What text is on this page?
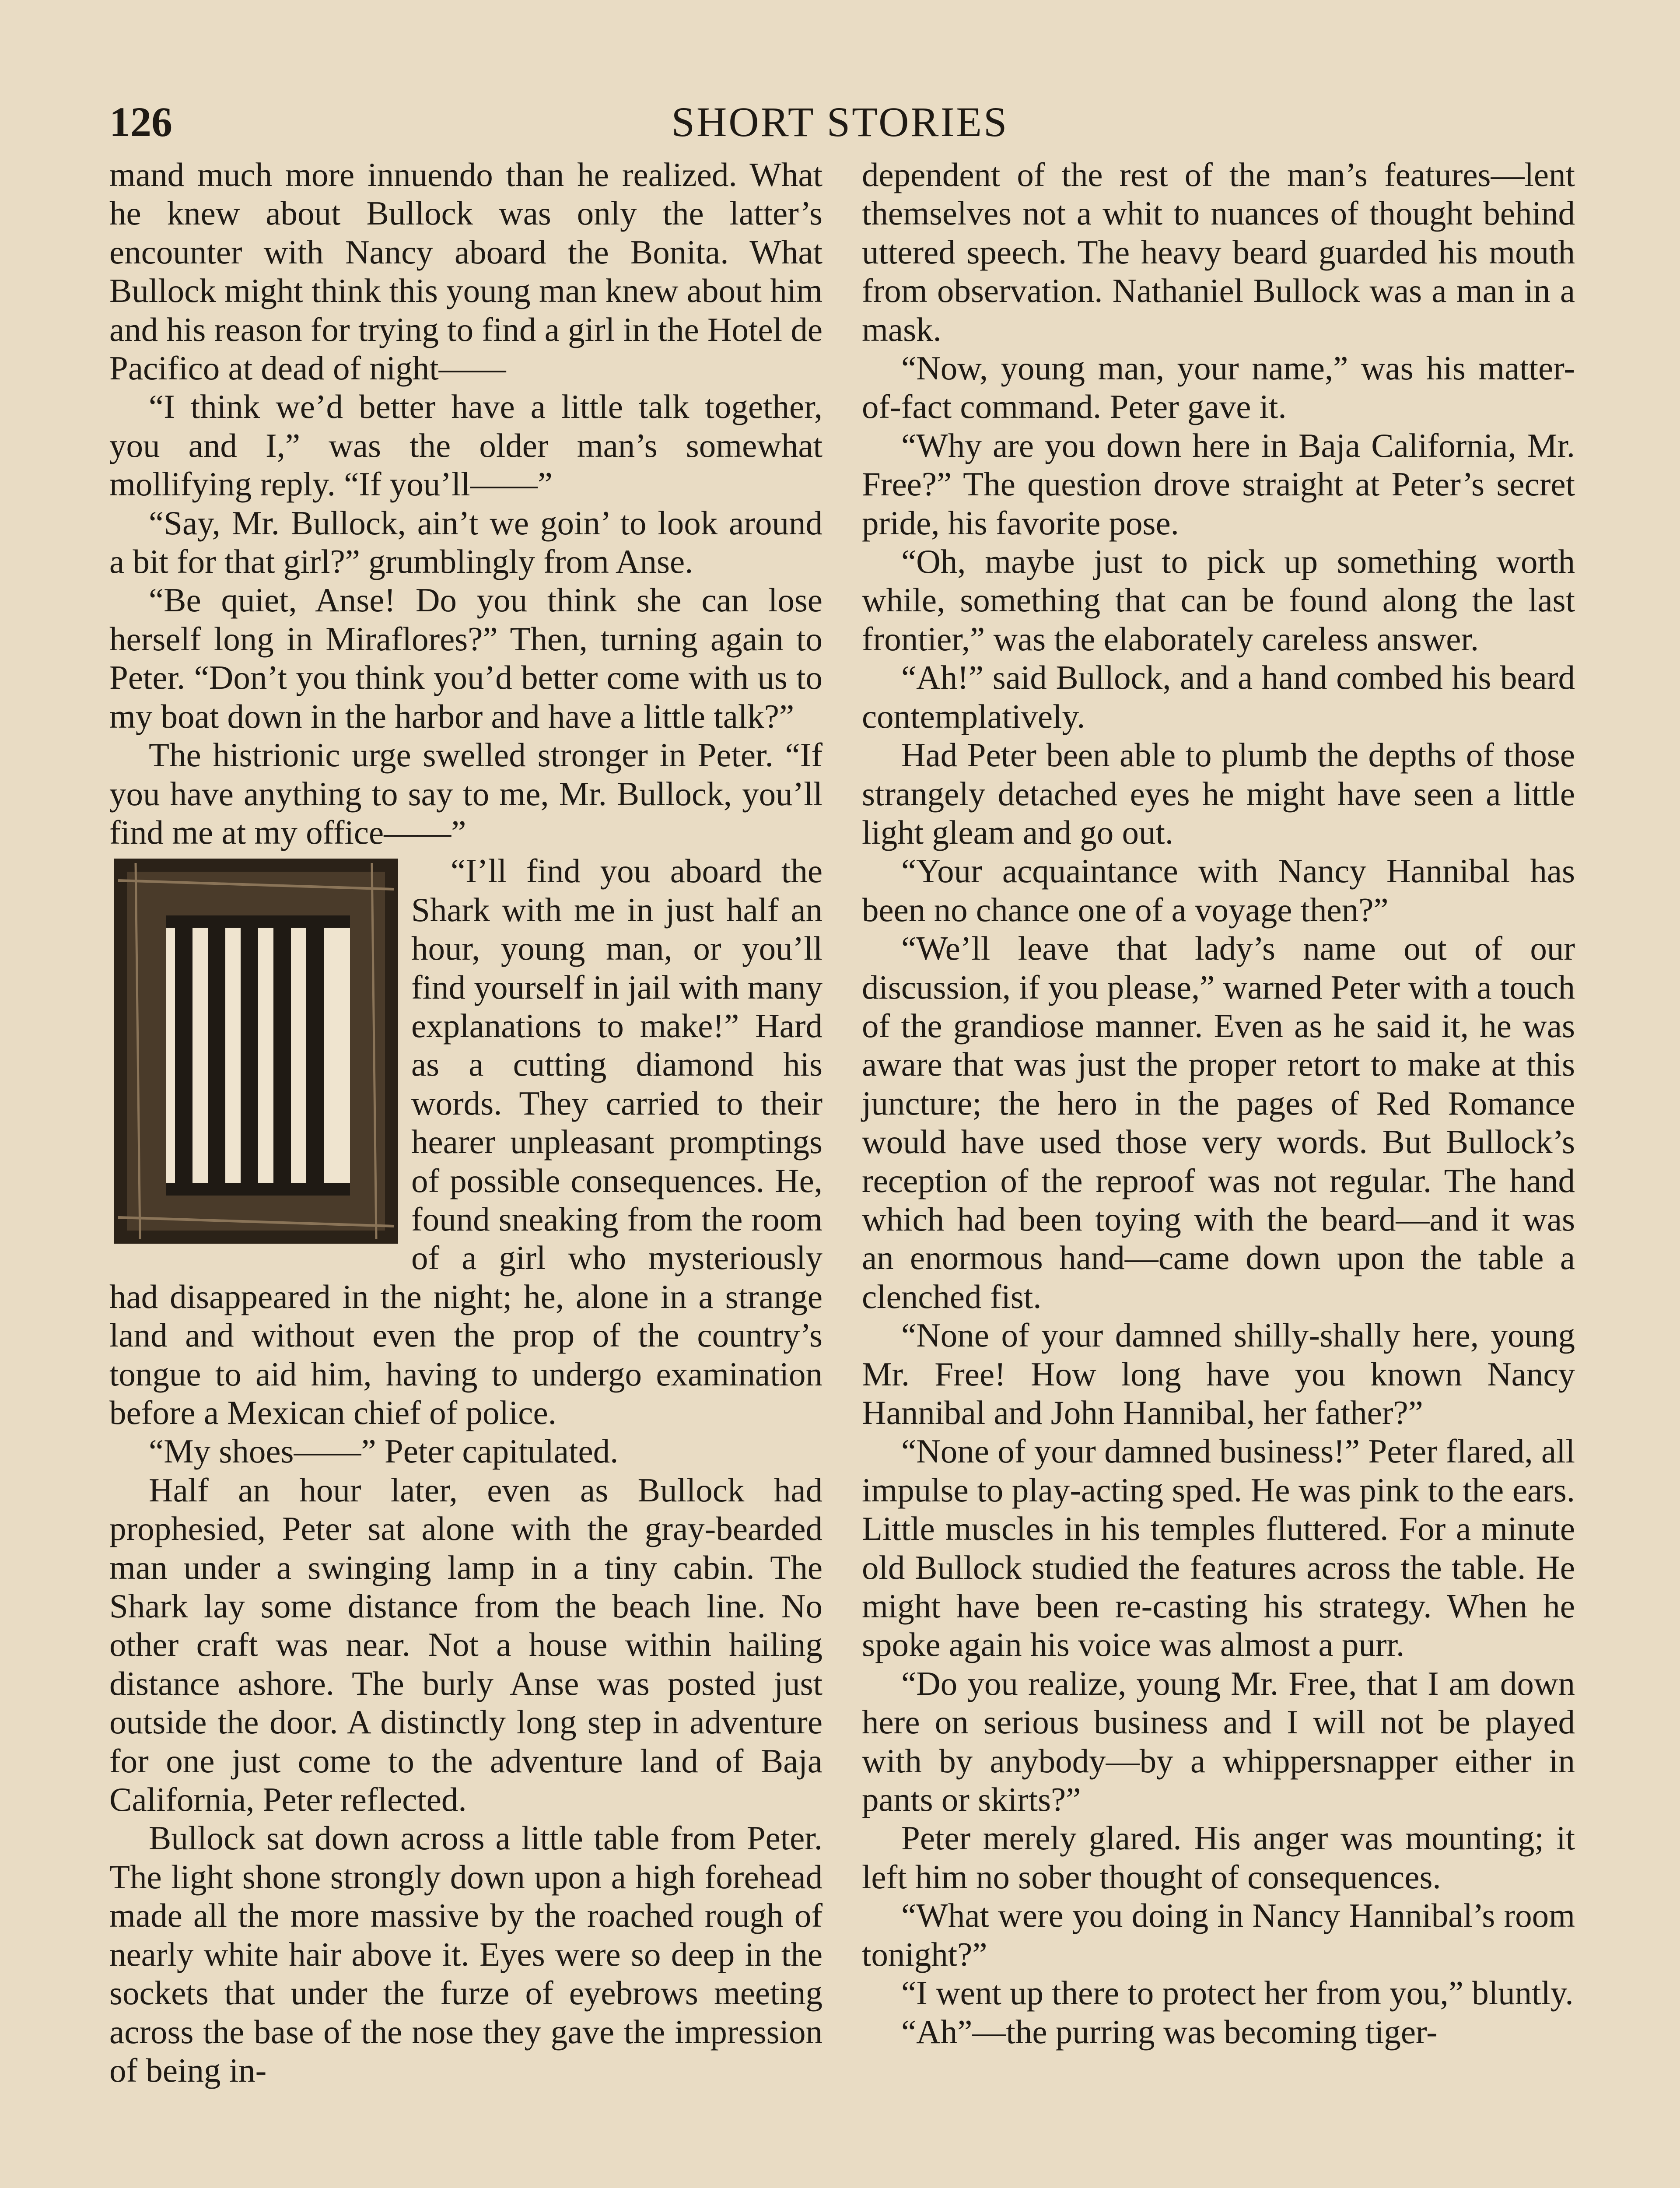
126	SHORT STORIES

mand much more innuendo than he realized. What he knew about Bullock was only the latter’s encounter with Nancy aboard the Bonita. What Bullock might think this young man knew about him and his reason for trying to find a girl in the Hotel de Pacifico at dead of night——

“I think we’d better have a little talk together, you and I,” was the older man’s somewhat mollifying reply. “If you’ll——”

“Say, Mr. Bullock, ain’t we goin’ to look around a bit for that girl?” grumblingly from Anse.

“Be quiet, Anse! Do you think she can lose herself long in Miraflores?” Then, turning again to Peter. “Don’t you think you’d better come with us to my boat down in the harbor and have a little talk?”

The histrionic urge swelled stronger in Peter. “If you have anything to say to me, Mr. Bullock, you’ll find me at my office——”

“I’ll find you aboard the Shark with me in just half an hour, young man, or you’ll find yourself in jail with many explanations to make!” Hard as a cutting diamond his words. They carried to their hearer unpleasant promptings of possible consequences. He, found sneaking from the room of a girl who mysteriously had disappeared in the night; he, alone in a strange land and without even the prop of the country’s tongue to aid him, having to undergo examination before a Mexican chief of police.

“My shoes——” Peter capitulated.

Half an hour later, even as Bullock had prophesied, Peter sat alone with the gray-bearded man under a swinging lamp in a tiny cabin. The Shark lay some distance from the beach line. No other craft was near. Not a house within hailing distance ashore. The burly Anse was posted just outside the door. A distinctly long step in adventure for one just come to the adventure land of Baja California, Peter reflected.

Bullock sat down across a little table from Peter. The light shone strongly down upon a high forehead made all the more massive by the roached rough of nearly white hair above it. Eyes were so deep in the sockets that under the furze of eyebrows meeting across the base of the nose they gave the impression of being in-

dependent of the rest of the man’s features—lent themselves not a whit to nuances of thought behind uttered speech. The heavy beard guarded his mouth from observation. Nathaniel Bullock was a man in a mask.

“Now, young man, your name,” was his matter-of-fact command. Peter gave it.

“Why are you down here in Baja California, Mr. Free?” The question drove straight at Peter’s secret pride, his favorite pose.

“Oh, maybe just to pick up something worth while, something that can be found along the last frontier,” was the elaborately careless answer.

“Ah!” said Bullock, and a hand combed his beard contemplatively.

Had Peter been able to plumb the depths of those strangely detached eyes he might have seen a little light gleam and go out.

“Your acquaintance with Nancy Hannibal has been no chance one of a voyage then?”

“We’ll leave that lady’s name out of our discussion, if you please,” warned Peter with a touch of the grandiose manner. Even as he said it, he was aware that was just the proper retort to make at this juncture; the hero in the pages of Red Romance would have used those very words. But Bullock’s reception of the reproof was not regular. The hand which had been toying with the beard—and it was an enormous hand—came down upon the table a clenched fist.

“None of your damned shilly-shally here, young Mr. Free! How long have you known Nancy Hannibal and John Hannibal, her father?”

“None of your damned business!” Peter flared, all impulse to play-acting sped. He was pink to the ears. Little muscles in his temples fluttered. For a minute old Bullock studied the features across the table. He might have been re-casting his strategy. When he spoke again his voice was almost a purr.

“Do you realize, young Mr. Free, that I am down here on serious business and I will not be played with by anybody—by a whippersnapper either in pants or skirts?”

Peter merely glared. His anger was mounting; it left him no sober thought of consequences.

“What were you doing in Nancy Hannibal’s room tonight?”

“I went up there to protect her from you,” bluntly.

“Ah”—the purring was becoming tiger-
